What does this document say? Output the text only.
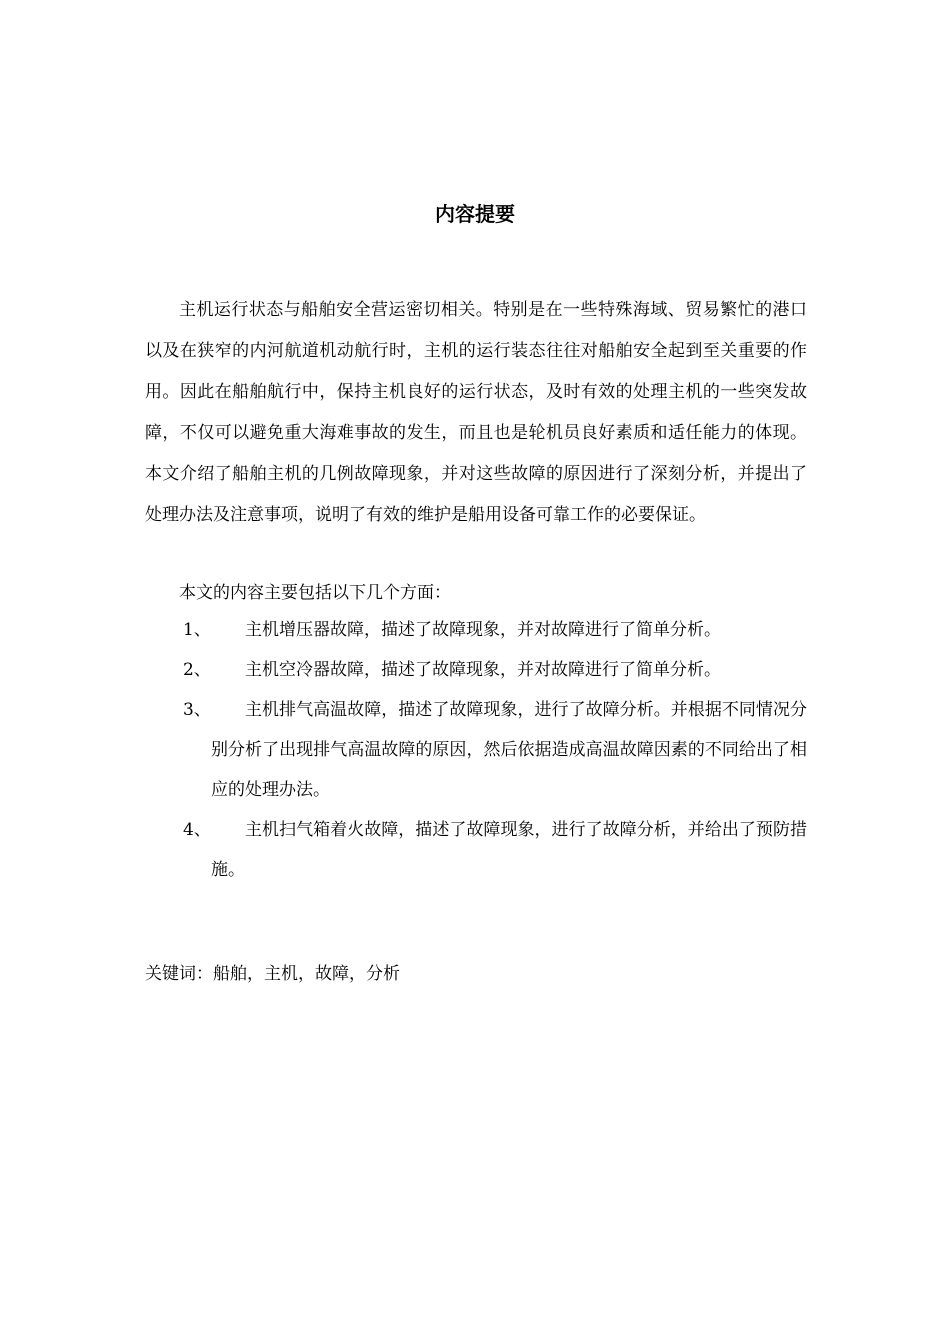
内容提要

主机运行状态与船舶安全营运密切相关。特别是在一些特殊海域、贸易繁忙的港口以及在狭窄的内河航道机动航行时，主机的运行装态往往对船舶安全起到至关重要的作用。因此在船舶航行中，保持主机良好的运行状态，及时有效的处理主机的一些突发故障，不仅可以避免重大海难事故的发生，而且也是轮机员良好素质和适任能力的体现。本文介绍了船舶主机的几例故障现象，并对这些故障的原因进行了深刻分析，并提出了处理办法及注意事项，说明了有效的维护是船用设备可靠工作的必要保证。

本文的内容主要包括以下几个方面：

1、	主机增压器故障，描述了故障现象，并对故障进行了简单分析。
2、	主机空冷器故障，描述了故障现象，并对故障进行了简单分析。
3、	主机排气高温故障，描述了故障现象，进行了故障分析。并根据不同情况分别分析了出现排气高温故障的原因，然后依据造成高温故障因素的不同给出了相应的处理办法。
4、	主机扫气箱着火故障，描述了故障现象，进行了故障分析，并给出了预防措施。

关键词：船舶，主机，故障，分析
